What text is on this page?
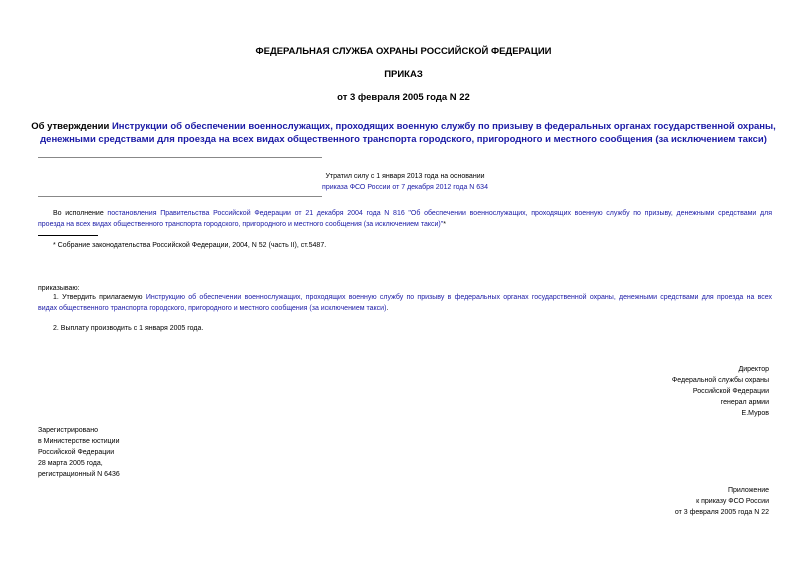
ФЕДЕРАЛЬНАЯ СЛУЖБА ОХРАНЫ РОССИЙСКОЙ ФЕДЕРАЦИИ
ПРИКАЗ
от 3 февраля 2005 года N 22
Об утверждении Инструкции об обеспечении военнослужащих, проходящих военную службу по призыву в федеральных органах государственной охраны,
денежными средствами для проезда на всех видах общественного транспорта городского, пригородного и местного сообщения (за исключением такси)
Утратил силу с 1 января 2013 года на основании
приказа ФСО России от 7 декабря 2012 года N 634
Во исполнение постановления Правительства Российской Федерации от 21 декабря 2004 года N 816 "Об обеспечении военнослужащих, проходящих военную службу по призыву, денежными средствами для
проезда на всех видах общественного транспорта городского, пригородного и местного сообщения (за исключением такси)"*
* Собрание законодательства Российской Федерации, 2004, N 52 (часть II), ст.5487.
приказываю:
1. Утвердить прилагаемую Инструкцию об обеспечении военнослужащих, проходящих военную службу по призыву в федеральных органах государственной охраны, денежными средствами для проезда на всех
видах общественного транспорта городского, пригородного и местного сообщения (за исключением такси).
2. Выплату производить с 1 января 2005 года.
Директор
Федеральной службы охраны
Российской Федерации
генерал армии
Е.Муров
Зарегистрировано
в Министерстве юстиции
Российской Федерации
28 марта 2005 года,
регистрационный N 6436
Приложение
к приказу ФСО России
от 3 февраля 2005 года N 22
